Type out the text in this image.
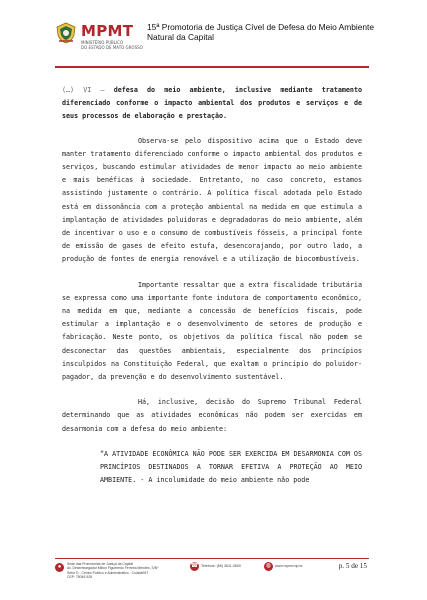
MPMT
MINISTÉRIO PÚBLICO
DO ESTADO DE MATO GROSSO
15ª Promotoria de Justiça Cível de Defesa do Meio Ambiente Natural da Capital

(…) VI – defesa do meio ambiente, inclusive mediante tratamento diferenciado conforme o impacto ambiental dos produtos e serviços e de seus processos de elaboração e prestação.

Observa-se pelo dispositivo acima que o Estado deve manter tratamento diferenciado conforme o impacto ambiental dos produtos e serviços, buscando estimular atividades de menor impacto ao meio ambiente e mais benéficas à sociedade. Entretanto, no caso concreto, estamos assistindo justamente o contrário. A política fiscal adotada pelo Estado está em dissonância com a proteção ambiental na medida em que estimula a implantação de atividades poluidoras e degradadoras do meio ambiente, além de incentivar o uso e o consumo de combustíveis fósseis, a principal fonte de emissão de gases de efeito estufa, desencorajando, por outro lado, a produção de fontes de energia renovável e a utilização de biocombustíveis.

Importante ressaltar que a extra fiscalidade tributária se expressa como uma importante fonte indutora de comportamento econômico, na medida em que, mediante a concessão de benefícios fiscais, pode estimular a implantação e o desenvolvimento de setores de produção e fabricação. Neste ponto, os objetivos da política fiscal não podem se desconectar das questões ambientais, especialmente dos princípios insculpidos na Constituição Federal, que exaltam o princípio do poluidor-pagador, da prevenção e do desenvolvimento sustentável.

Há, inclusive, decisão do Supremo Tribunal Federal determinando que as atividades econômicas não podem ser exercidas em desarmonia com a defesa do meio ambiente:

“A ATIVIDADE ECONÔMICA NÃO PODE SER EXERCIDA EM DESARMONIA COM OS PRINCÍPIOS DESTINADOS A TORNAR EFETIVA A PROTEÇÃO AO MEIO AMBIENTE. - A incolumidade do meio ambiente não pode

●	Sede das Promotorias de Justiça da Capital
Av. Desembargador Milton Figueiredo Ferreira Mendes, S/Nº
Setor D - Centro Político e Administrativo - Cuiabá/MT
CEP: 78049-928
☎ Telefone: (65) 3611-0600	◍	www.mpmt.mp.br	p. 5 de 15
